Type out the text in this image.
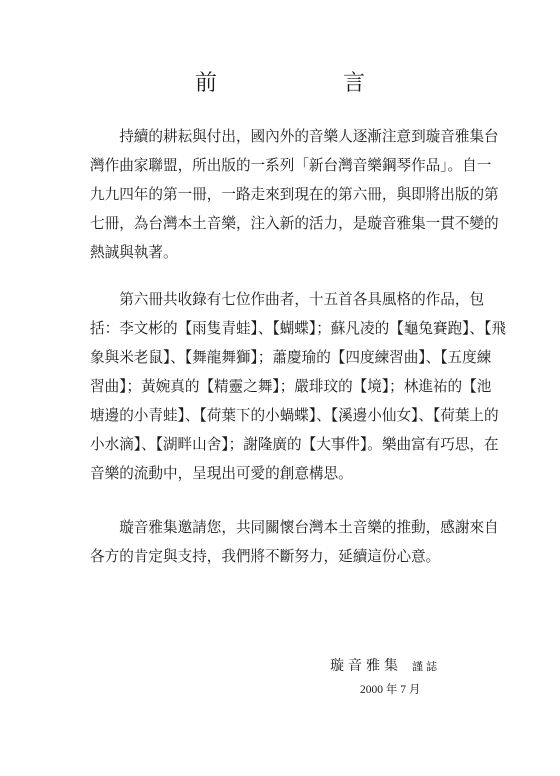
前　言
　　持續的耕耘與付出，國內外的音樂人逐漸注意到璇音雅集台
灣作曲家聯盟，所出版的一系列「新台灣音樂鋼琴作品」。自一
九九四年的第一冊，一路走來到現在的第六冊，與即將出版的第
七冊，為台灣本土音樂，注入新的活力，是璇音雅集一貫不變的
熱誠與執著。
　　第六冊共收錄有七位作曲者，十五首各具風格的作品，包
括：李文彬的【雨隻青蛙】、【蝴蝶】；蘇凡凌的【龜兔賽跑】、【飛
象與米老鼠】、【舞龍舞獅】；蕭慶瑜的【四度練習曲】、【五度練
習曲】；黃婉真的【精靈之舞】；嚴琲玟的【境】；林進祐的【池
塘邊的小青蛙】、【荷葉下的小蝸蝶】、【溪邊小仙女】、【荷葉上的
小水滴】、【湖畔山舍】；謝隆廣的【大事件】。樂曲富有巧思，在
音樂的流動中，呈現出可愛的創意構思。
　　璇音雅集邀請您，共同關懷台灣本土音樂的推動，感謝來自
各方的肯定與支持，我們將不斷努力，延續這份心意。
璇音雅集 謹誌
2000 年 7 月
